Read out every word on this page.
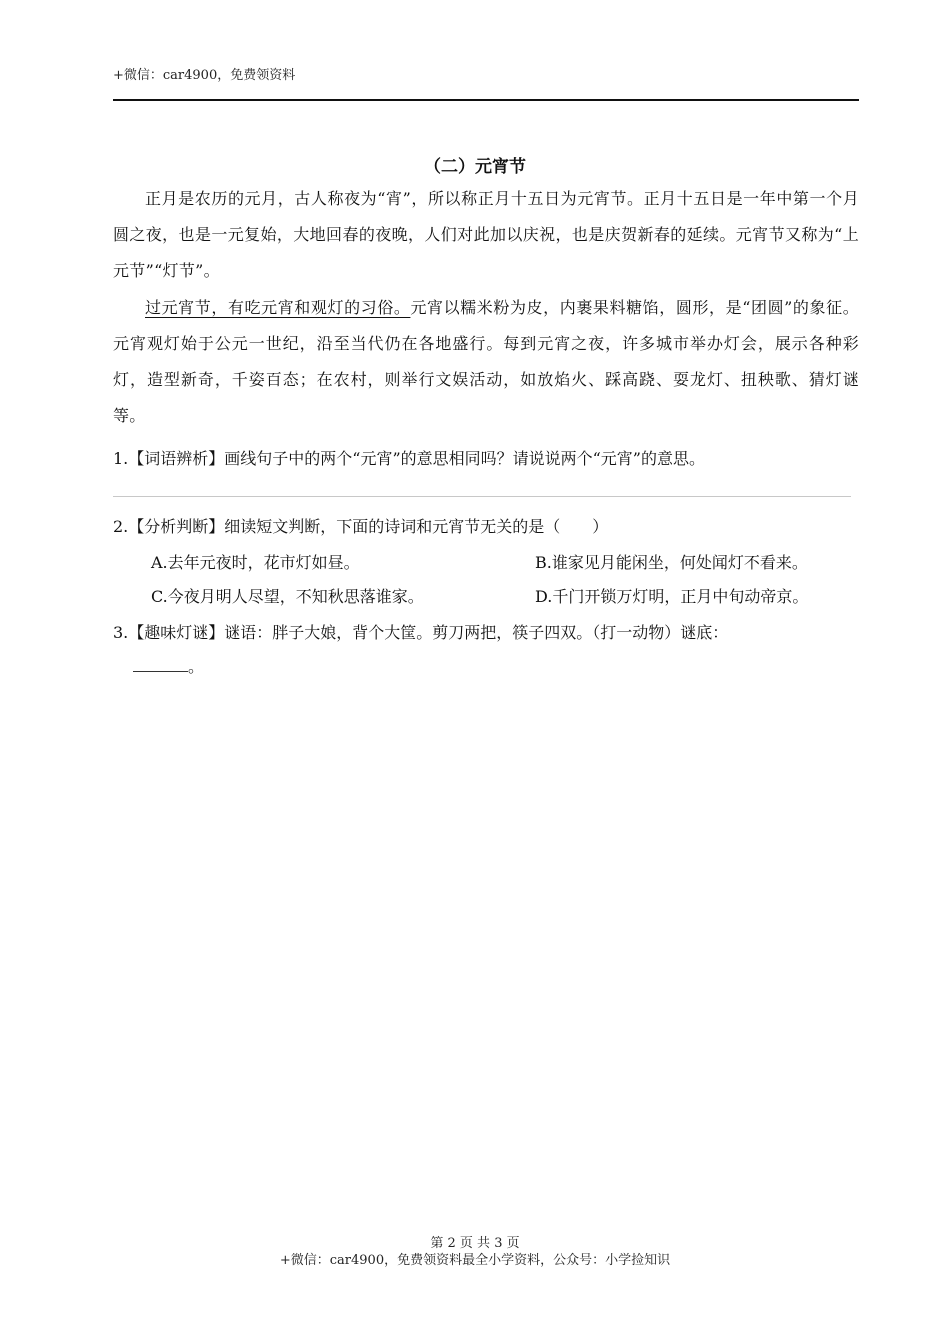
+微信：car4900，免费领资料
（二）元宵节
正月是农历的元月，古人称夜为“宵”，所以称正月十五日为元宵节。正月十五日是一年中第一个月圆之夜，也是一元复始，大地回春的夜晚，人们对此加以庆祝，也是庆贺新春的延续。元宵节又称为“上元节”“灯节”。
过元宵节，有吃元宵和观灯的习俗。元宵以糯米粉为皮，内裹果料糖馅，圆形，是“团圆”的象征。元宵观灯始于公元一世纪，沿至当代仍在各地盛行。每到元宵之夜，许多城市举办灯会，展示各种彩灯，造型新奇，千姿百态；在农村，则举行文娱活动，如放焰火、踩高跷、耍龙灯、扭秧歌、猜灯谜等。
1.【词语辨析】画线句子中的两个“元宵”的意思相同吗？请说说两个“元宵”的意思。
2.【分析判断】细读短文判断，下面的诗词和元宵节无关的是（　　）
A.去年元夜时，花市灯如昼。	B.谁家见月能闲坐，何处闻灯不看来。
C.今夜月明人尽望，不知秋思落谁家。	D.千门开锁万灯明，正月中旬动帝京。
3.【趣味灯谜】谜语：胖子大娘，背个大筐。剪刀两把，筷子四双。（打一动物）谜底：
。
第 2 页 共 3 页
+微信：car4900，免费领资料最全小学资料，公众号：小学捡知识
